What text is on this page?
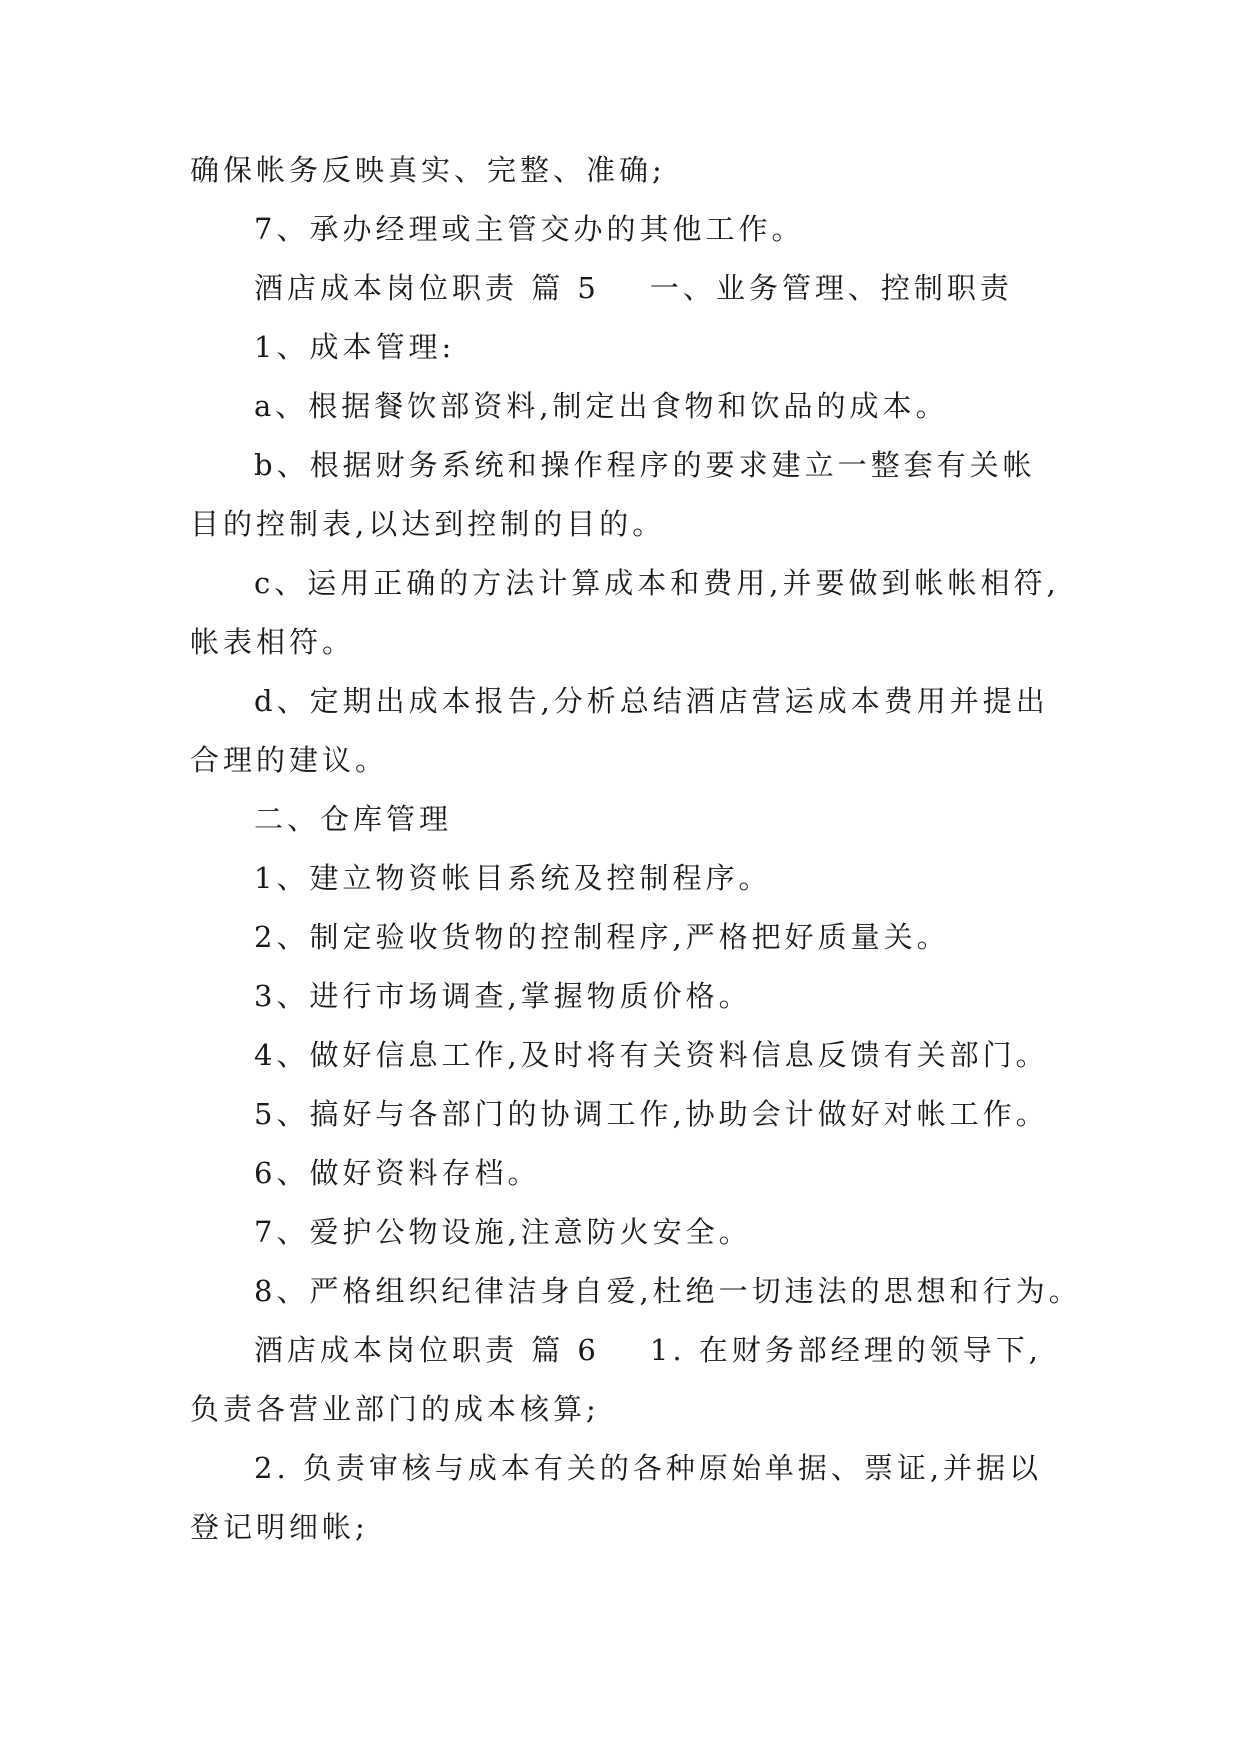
确保帐务反映真实、完整、准确;
7、承办经理或主管交办的其他工作。
酒店成本岗位职责 篇 5 一、业务管理、控制职责
1、成本管理:
a、根据餐饮部资料,制定出食物和饮品的成本。
b、根据财务系统和操作程序的要求建立一整套有关帐
目的控制表,以达到控制的目的。
c、运用正确的方法计算成本和费用,并要做到帐帐相符,
帐表相符。
d、定期出成本报告,分析总结酒店营运成本费用并提出
合理的建议。
二、仓库管理
1、建立物资帐目系统及控制程序。
2、制定验收货物的控制程序,严格把好质量关。
3、进行市场调查,掌握物质价格。
4、做好信息工作,及时将有关资料信息反馈有关部门。
5、搞好与各部门的协调工作,协助会计做好对帐工作。
6、做好资料存档。
7、爱护公物设施,注意防火安全。
8、严格组织纪律洁身自爱,杜绝一切违法的思想和行为。
酒店成本岗位职责 篇 6 1. 在财务部经理的领导下,
负责各营业部门的成本核算;
2. 负责审核与成本有关的各种原始单据、票证,并据以
登记明细帐;
